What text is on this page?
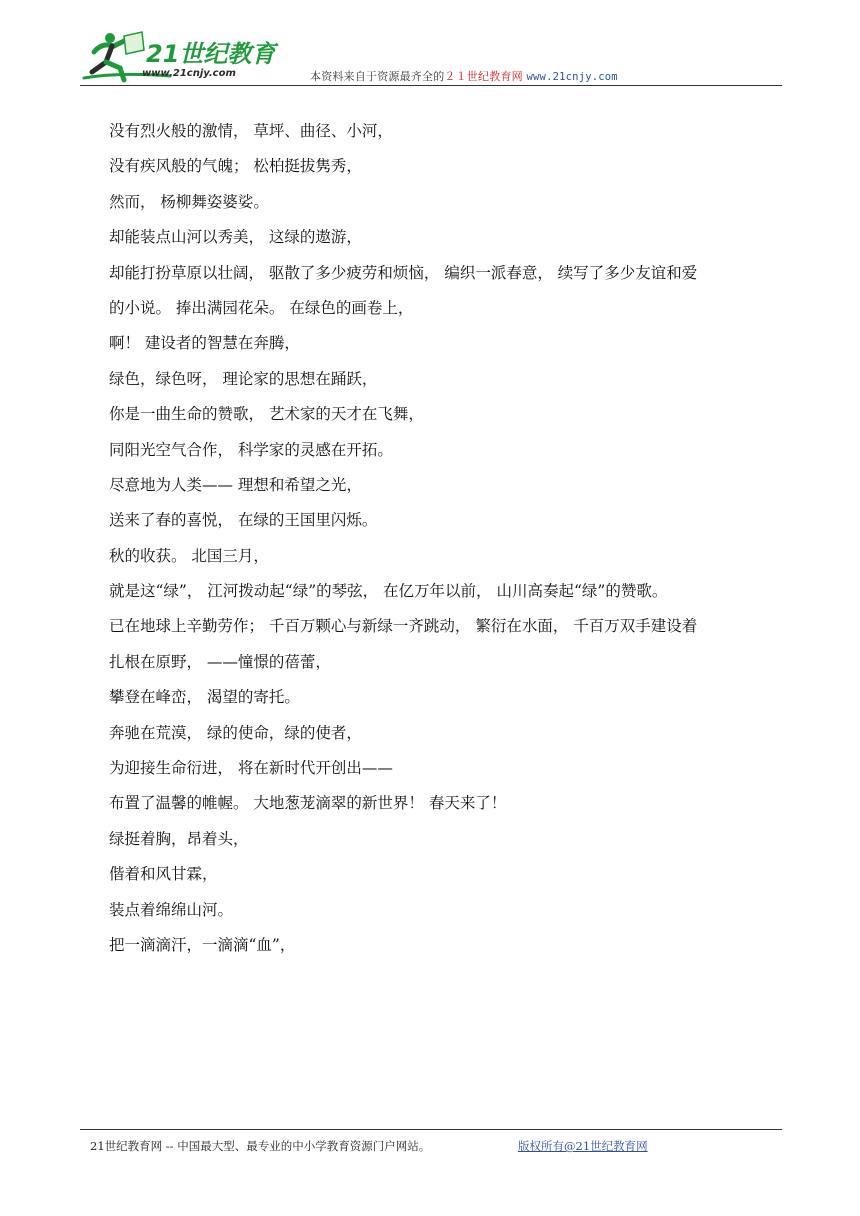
21世纪教育
www.21cnjy.com	本资料来自于资源最齐全的２１世纪教育网 www.21cnjy.com
没有烈火般的激情， 草坪、曲径、小河，
没有疾风般的气魄； 松柏挺拔隽秀，
然而， 杨柳舞姿婆娑。
却能装点山河以秀美， 这绿的遨游，
却能打扮草原以壮阔， 驱散了多少疲劳和烦恼， 编织一派春意， 续写了多少友谊和爱
的小说。 捧出满园花朵。 在绿色的画卷上，
啊！ 建设者的智慧在奔腾，
绿色，绿色呀， 理论家的思想在踊跃，
你是一曲生命的赞歌， 艺术家的天才在飞舞，
同阳光空气合作， 科学家的灵感在开拓。
尽意地为人类—— 理想和希望之光，
送来了春的喜悦， 在绿的王国里闪烁。
秋的收获。 北国三月，
就是这“绿”， 江河拨动起“绿”的琴弦， 在亿万年以前， 山川高奏起“绿”的赞歌。
已在地球上辛勤劳作； 千百万颗心与新绿一齐跳动， 繁衍在水面， 千百万双手建设着
扎根在原野， ——憧憬的蓓蕾，
攀登在峰峦， 渴望的寄托。
奔驰在荒漠， 绿的使命，绿的使者，
为迎接生命衍进， 将在新时代开创出——
布置了温馨的帷幄。 大地葱茏滴翠的新世界！ 春天来了！
绿挺着胸，昂着头，
偕着和风甘霖，
装点着绵绵山河。
把一滴滴汗，一滴滴“血”，
21世纪教育网 -- 中国最大型、最专业的中小学教育资源门户网站。	版权所有@21世纪教育网
